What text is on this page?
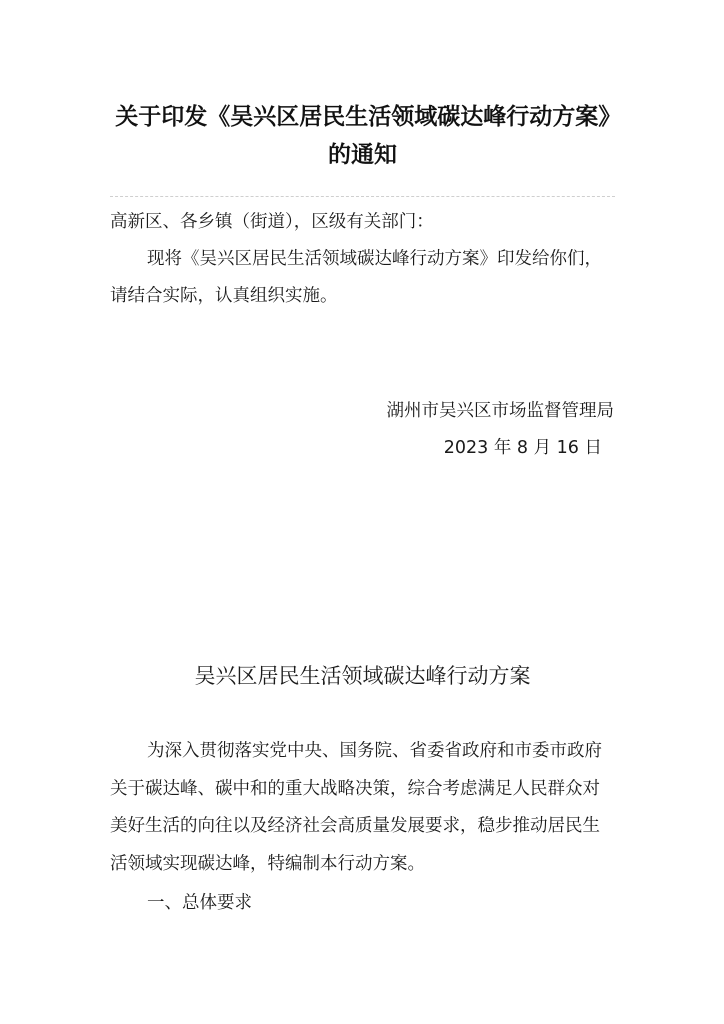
关于印发《吴兴区居民生活领域碳达峰行动方案》的通知
高新区、各乡镇（街道），区级有关部门：
现将《吴兴区居民生活领域碳达峰行动方案》印发给你们，请结合实际，认真组织实施。
湖州市吴兴区市场监督管理局
2023 年 8 月 16 日
吴兴区居民生活领域碳达峰行动方案
为深入贯彻落实党中央、国务院、省委省政府和市委市政府关于碳达峰、碳中和的重大战略决策，综合考虑满足人民群众对美好生活的向往以及经济社会高质量发展要求，稳步推动居民生活领域实现碳达峰，特编制本行动方案。
一、总体要求
